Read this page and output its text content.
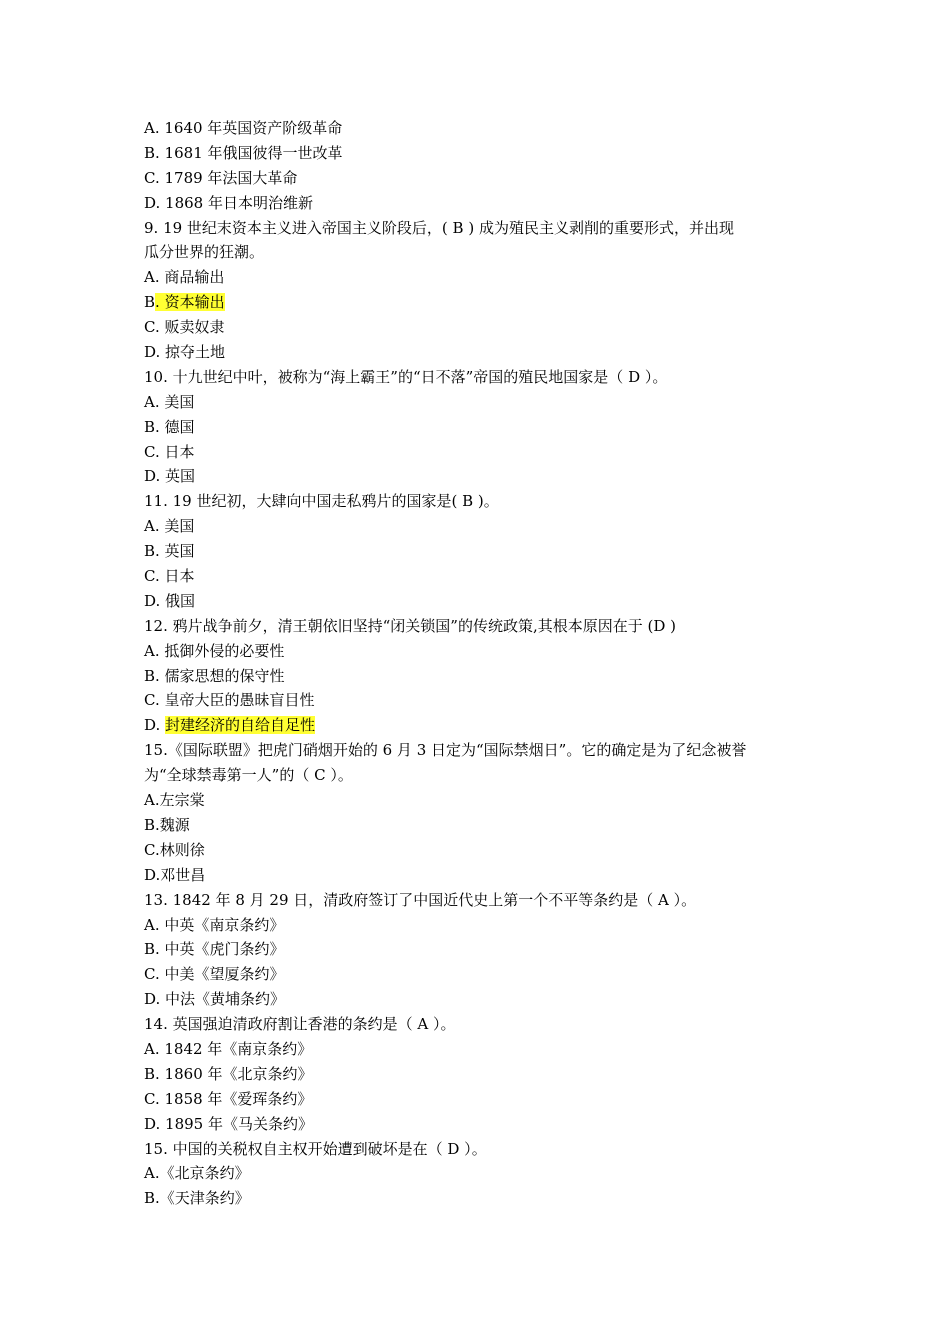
A. 1640 年英国资产阶级革命
B. 1681 年俄国彼得一世改革
C. 1789 年法国大革命
D. 1868 年日本明治维新
9. 19 世纪末资本主义进入帝国主义阶段后，( B ) 成为殖民主义剥削的重要形式，并出现
瓜分世界的狂潮。
A. 商品输出
B. 资本输出
C. 贩卖奴隶
D. 掠夺土地
10. 十九世纪中叶，被称为“海上霸王”的“日不落”帝国的殖民地国家是（ D ）。
A. 美国
B. 德国
C. 日本
D. 英国
11. 19 世纪初，大肆向中国走私鸦片的国家是( B )。
A. 美国
B. 英国
C. 日本
D. 俄国
12. 鸦片战争前夕，清王朝依旧坚持“闭关锁国”的传统政策,其根本原因在于 (D )
A. 抵御外侵的必要性
B. 儒家思想的保守性
C. 皇帝大臣的愚昧盲目性
D. 封建经济的自给自足性
15.《国际联盟》把虎门硝烟开始的 6 月 3 日定为“国际禁烟日”。它的确定是为了纪念被誉
为“全球禁毒第一人”的（ C ）。
A.左宗棠
B.魏源
C.林则徐
D.邓世昌
13. 1842 年 8 月 29 日，清政府签订了中国近代史上第一个不平等条约是（ A ）。
A. 中英《南京条约》
B. 中英《虎门条约》
C. 中美《望厦条约》
D. 中法《黄埔条约》
14. 英国强迫清政府割让香港的条约是（ A ）。
A. 1842 年《南京条约》
B. 1860 年《北京条约》
C. 1858 年《爱珲条约》
D. 1895 年《马关条约》
15. 中国的关税权自主权开始遭到破坏是在（ D ）。
A.《北京条约》
B.《天津条约》
